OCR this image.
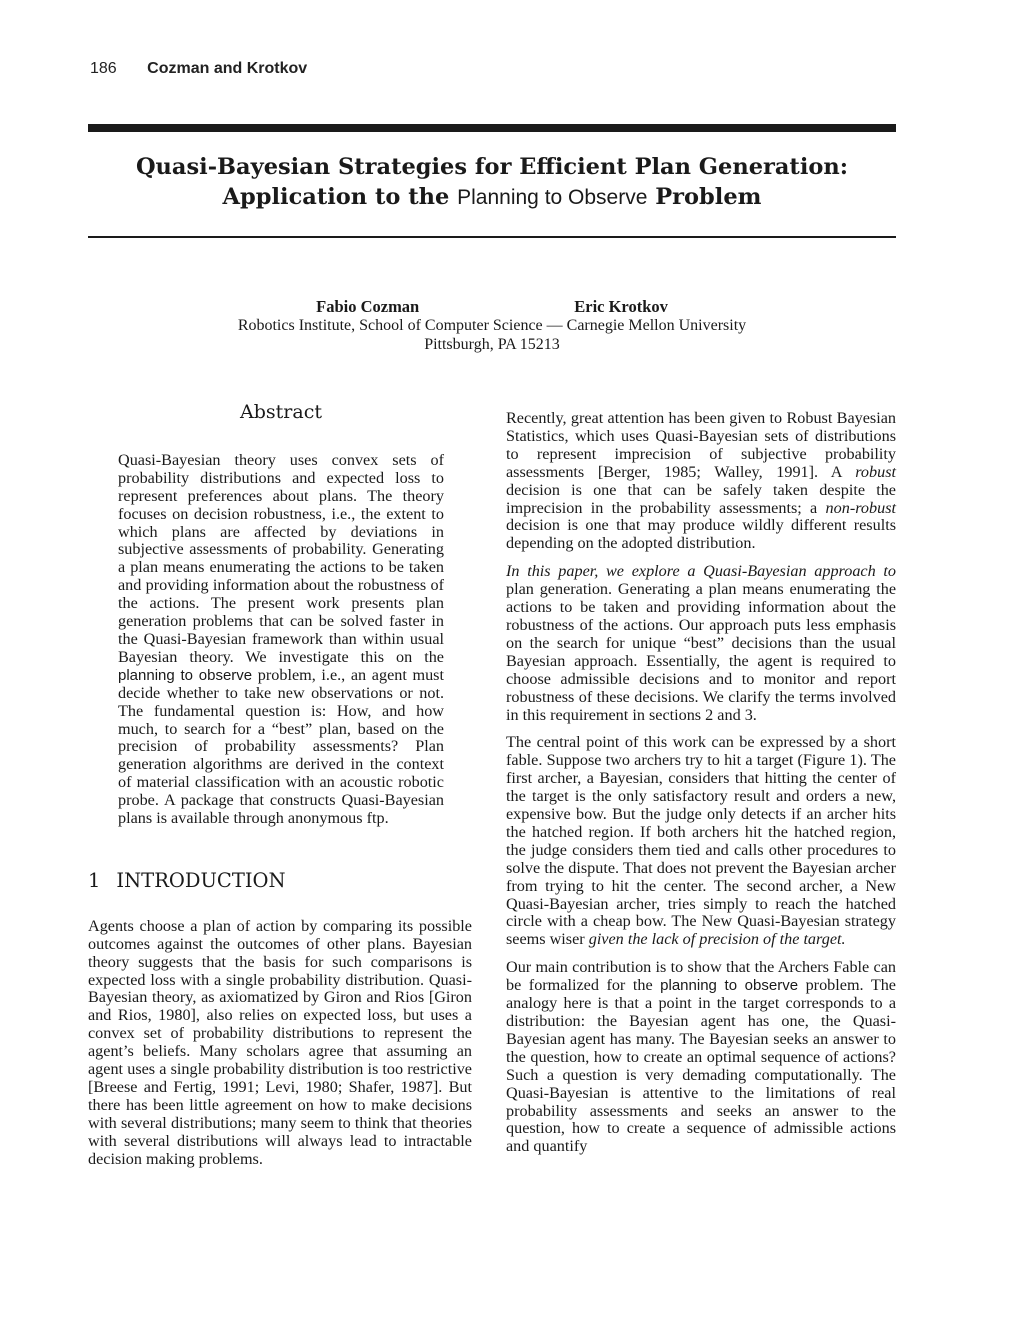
186 Cozman and Krotkov
Quasi-Bayesian Strategies for Efficient Plan Generation:
Application to the Planning to Observe Problem
Fabio Cozman	Eric Krotkov
Robotics Institute, School of Computer Science — Carnegie Mellon University
Pittsburgh, PA 15213
Abstract

Quasi-Bayesian theory uses convex sets of probability distributions and expected loss to represent preferences about plans. The theory focuses on decision robustness, i.e., the extent to which plans are affected by deviations in subjective assessments of probability. Generating a plan means enumerating the actions to be taken and providing information about the robustness of the actions. The present work presents plan generation problems that can be solved faster in the Quasi-Bayesian framework than within usual Bayesian theory. We investigate this on the planning to observe problem, i.e., an agent must decide whether to take new observations or not. The fundamental question is: How, and how much, to search for a “best” plan, based on the precision of probability assessments? Plan generation algorithms are derived in the context of material classification with an acoustic robotic probe. A package that constructs Quasi-Bayesian plans is available through anonymous ftp.

1 INTRODUCTION

Agents choose a plan of action by comparing its possible outcomes against the outcomes of other plans. Bayesian theory suggests that the basis for such comparisons is expected loss with a single probability distribution. Quasi-Bayesian theory, as axiomatized by Giron and Rios [Giron and Rios, 1980], also relies on expected loss, but uses a convex set of probability distributions to represent the agent’s beliefs. Many scholars agree that assuming an agent uses a single probability distribution is too restrictive [Breese and Fertig, 1991; Levi, 1980; Shafer, 1987]. But there has been little agreement on how to make decisions with several distributions; many seem to think that theories with several distributions will always lead to intractable decision making problems.

Recently, great attention has been given to Robust Bayesian Statistics, which uses Quasi-Bayesian sets of distributions to represent imprecision of subjective probability assessments [Berger, 1985; Walley, 1991]. A robust decision is one that can be safely taken despite the imprecision in the probability assessments; a non-robust decision is one that may produce wildly different results depending on the adopted distribution.

In this paper, we explore a Quasi-Bayesian approach to plan generation. Generating a plan means enumerating the actions to be taken and providing information about the robustness of the actions. Our approach puts less emphasis on the search for unique “best” decisions than the usual Bayesian approach. Essentially, the agent is required to choose admissible decisions and to monitor and report robustness of these decisions. We clarify the terms involved in this requirement in sections 2 and 3.

The central point of this work can be expressed by a short fable. Suppose two archers try to hit a target (Figure 1). The first archer, a Bayesian, considers that hitting the center of the target is the only satisfactory result and orders a new, expensive bow. But the judge only detects if an archer hits the hatched region. If both archers hit the hatched region, the judge considers them tied and calls other procedures to solve the dispute. That does not prevent the Bayesian archer from trying to hit the center. The second archer, a New Quasi-Bayesian archer, tries simply to reach the hatched circle with a cheap bow. The New Quasi-Bayesian strategy seems wiser given the lack of precision of the target.

Our main contribution is to show that the Archers Fable can be formalized for the planning to observe problem. The analogy here is that a point in the target corresponds to a distribution: the Bayesian agent has one, the Quasi-Bayesian agent has many. The Bayesian seeks an answer to the question, how to create an optimal sequence of actions? Such a question is very demading computationally. The Quasi-Bayesian is attentive to the limitations of real probability assessments and seeks an answer to the question, how to create a sequence of admissible actions and quantify
